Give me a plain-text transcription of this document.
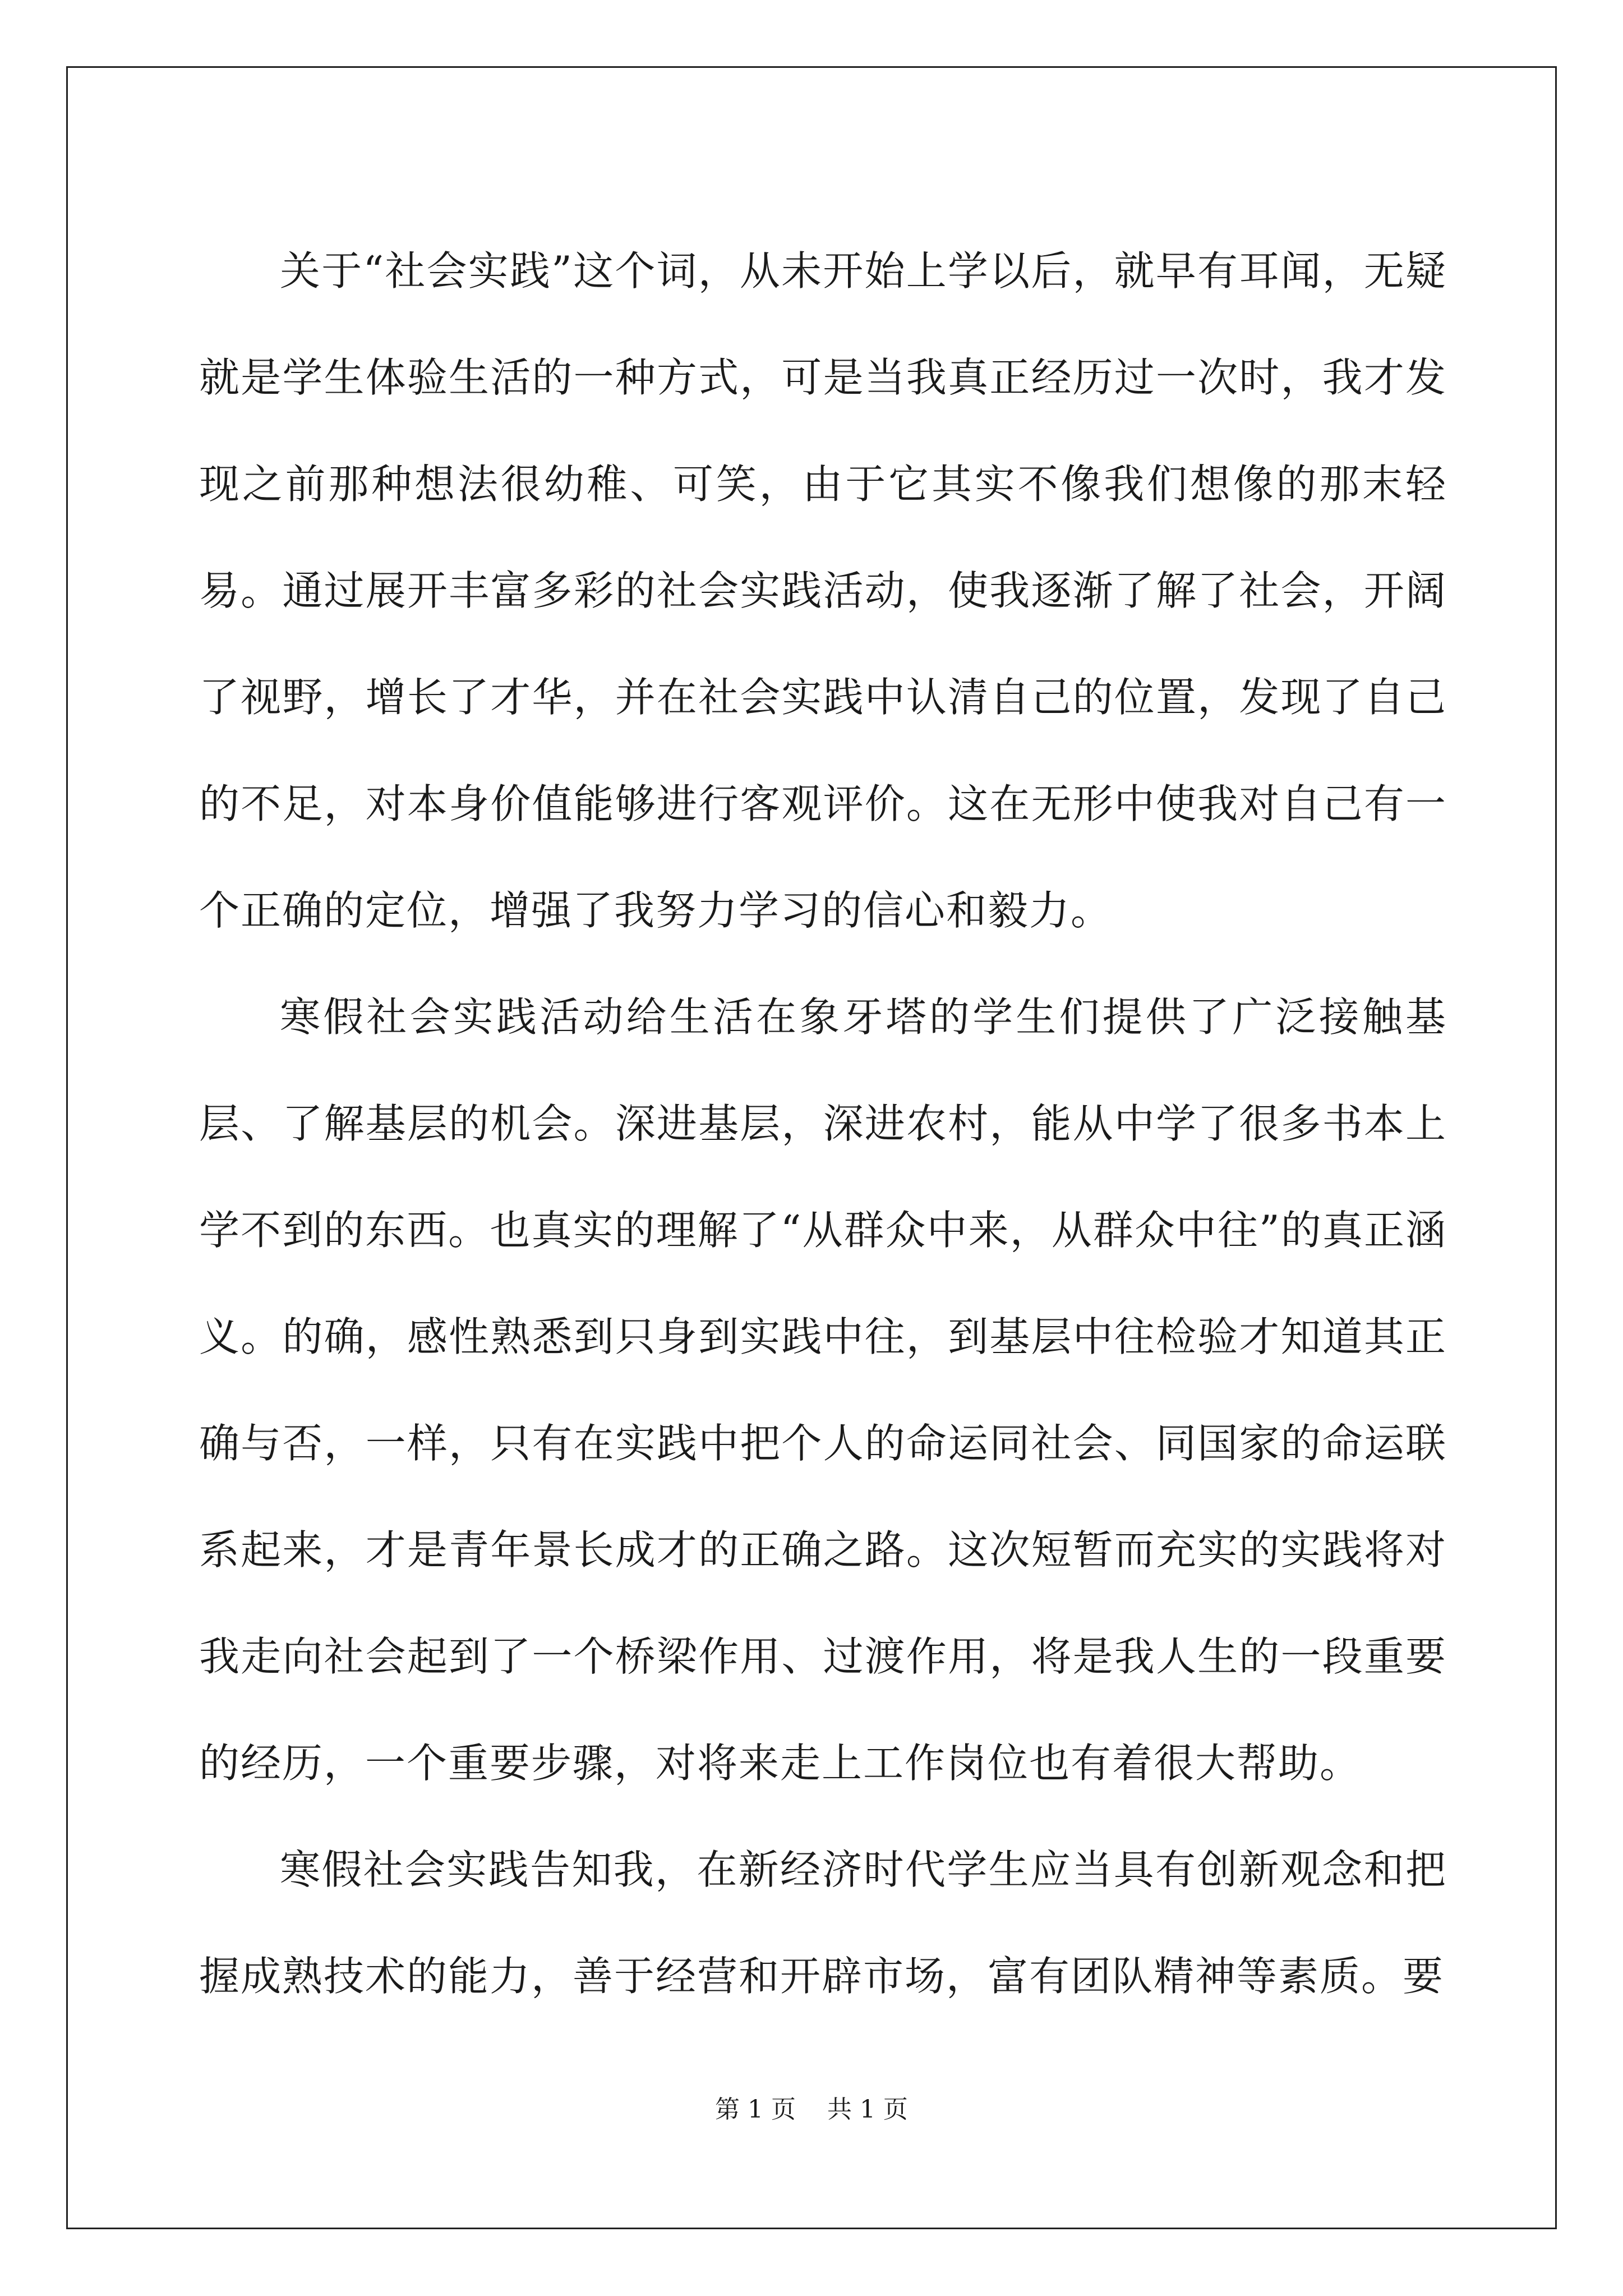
关于“社会实践”这个词，从未开始上学以后，就早有耳闻，无疑就是学生体验生活的一种方式，可是当我真正经历过一次时，我才发现之前那种想法很幼稚、可笑，由于它其实不像我们想像的那末轻易。通过展开丰富多彩的社会实践活动，使我逐渐了解了社会，开阔了视野，增长了才华，并在社会实践中认清自己的位置，发现了自己的不足，对本身价值能够进行客观评价。这在无形中使我对自己有一个正确的定位，增强了我努力学习的信心和毅力。

寒假社会实践活动给生活在象牙塔的学生们提供了广泛接触基层、了解基层的机会。深进基层，深进农村，能从中学了很多书本上学不到的东西。也真实的理解了“从群众中来，从群众中往”的真正涵义。的确，感性熟悉到只身到实践中往，到基层中往检验才知道其正确与否，一样，只有在实践中把个人的命运同社会、同国家的命运联系起来，才是青年景长成才的正确之路。这次短暂而充实的实践将对我走向社会起到了一个桥梁作用、过渡作用，将是我人生的一段重要的经历，一个重要步骤，对将来走上工作岗位也有着很大帮助。

寒假社会实践告知我，在新经济时代学生应当具有创新观念和把握成熟技术的能力，善于经营和开辟市场，富有团队精神等素质。要

第 1 页    共 1 页
